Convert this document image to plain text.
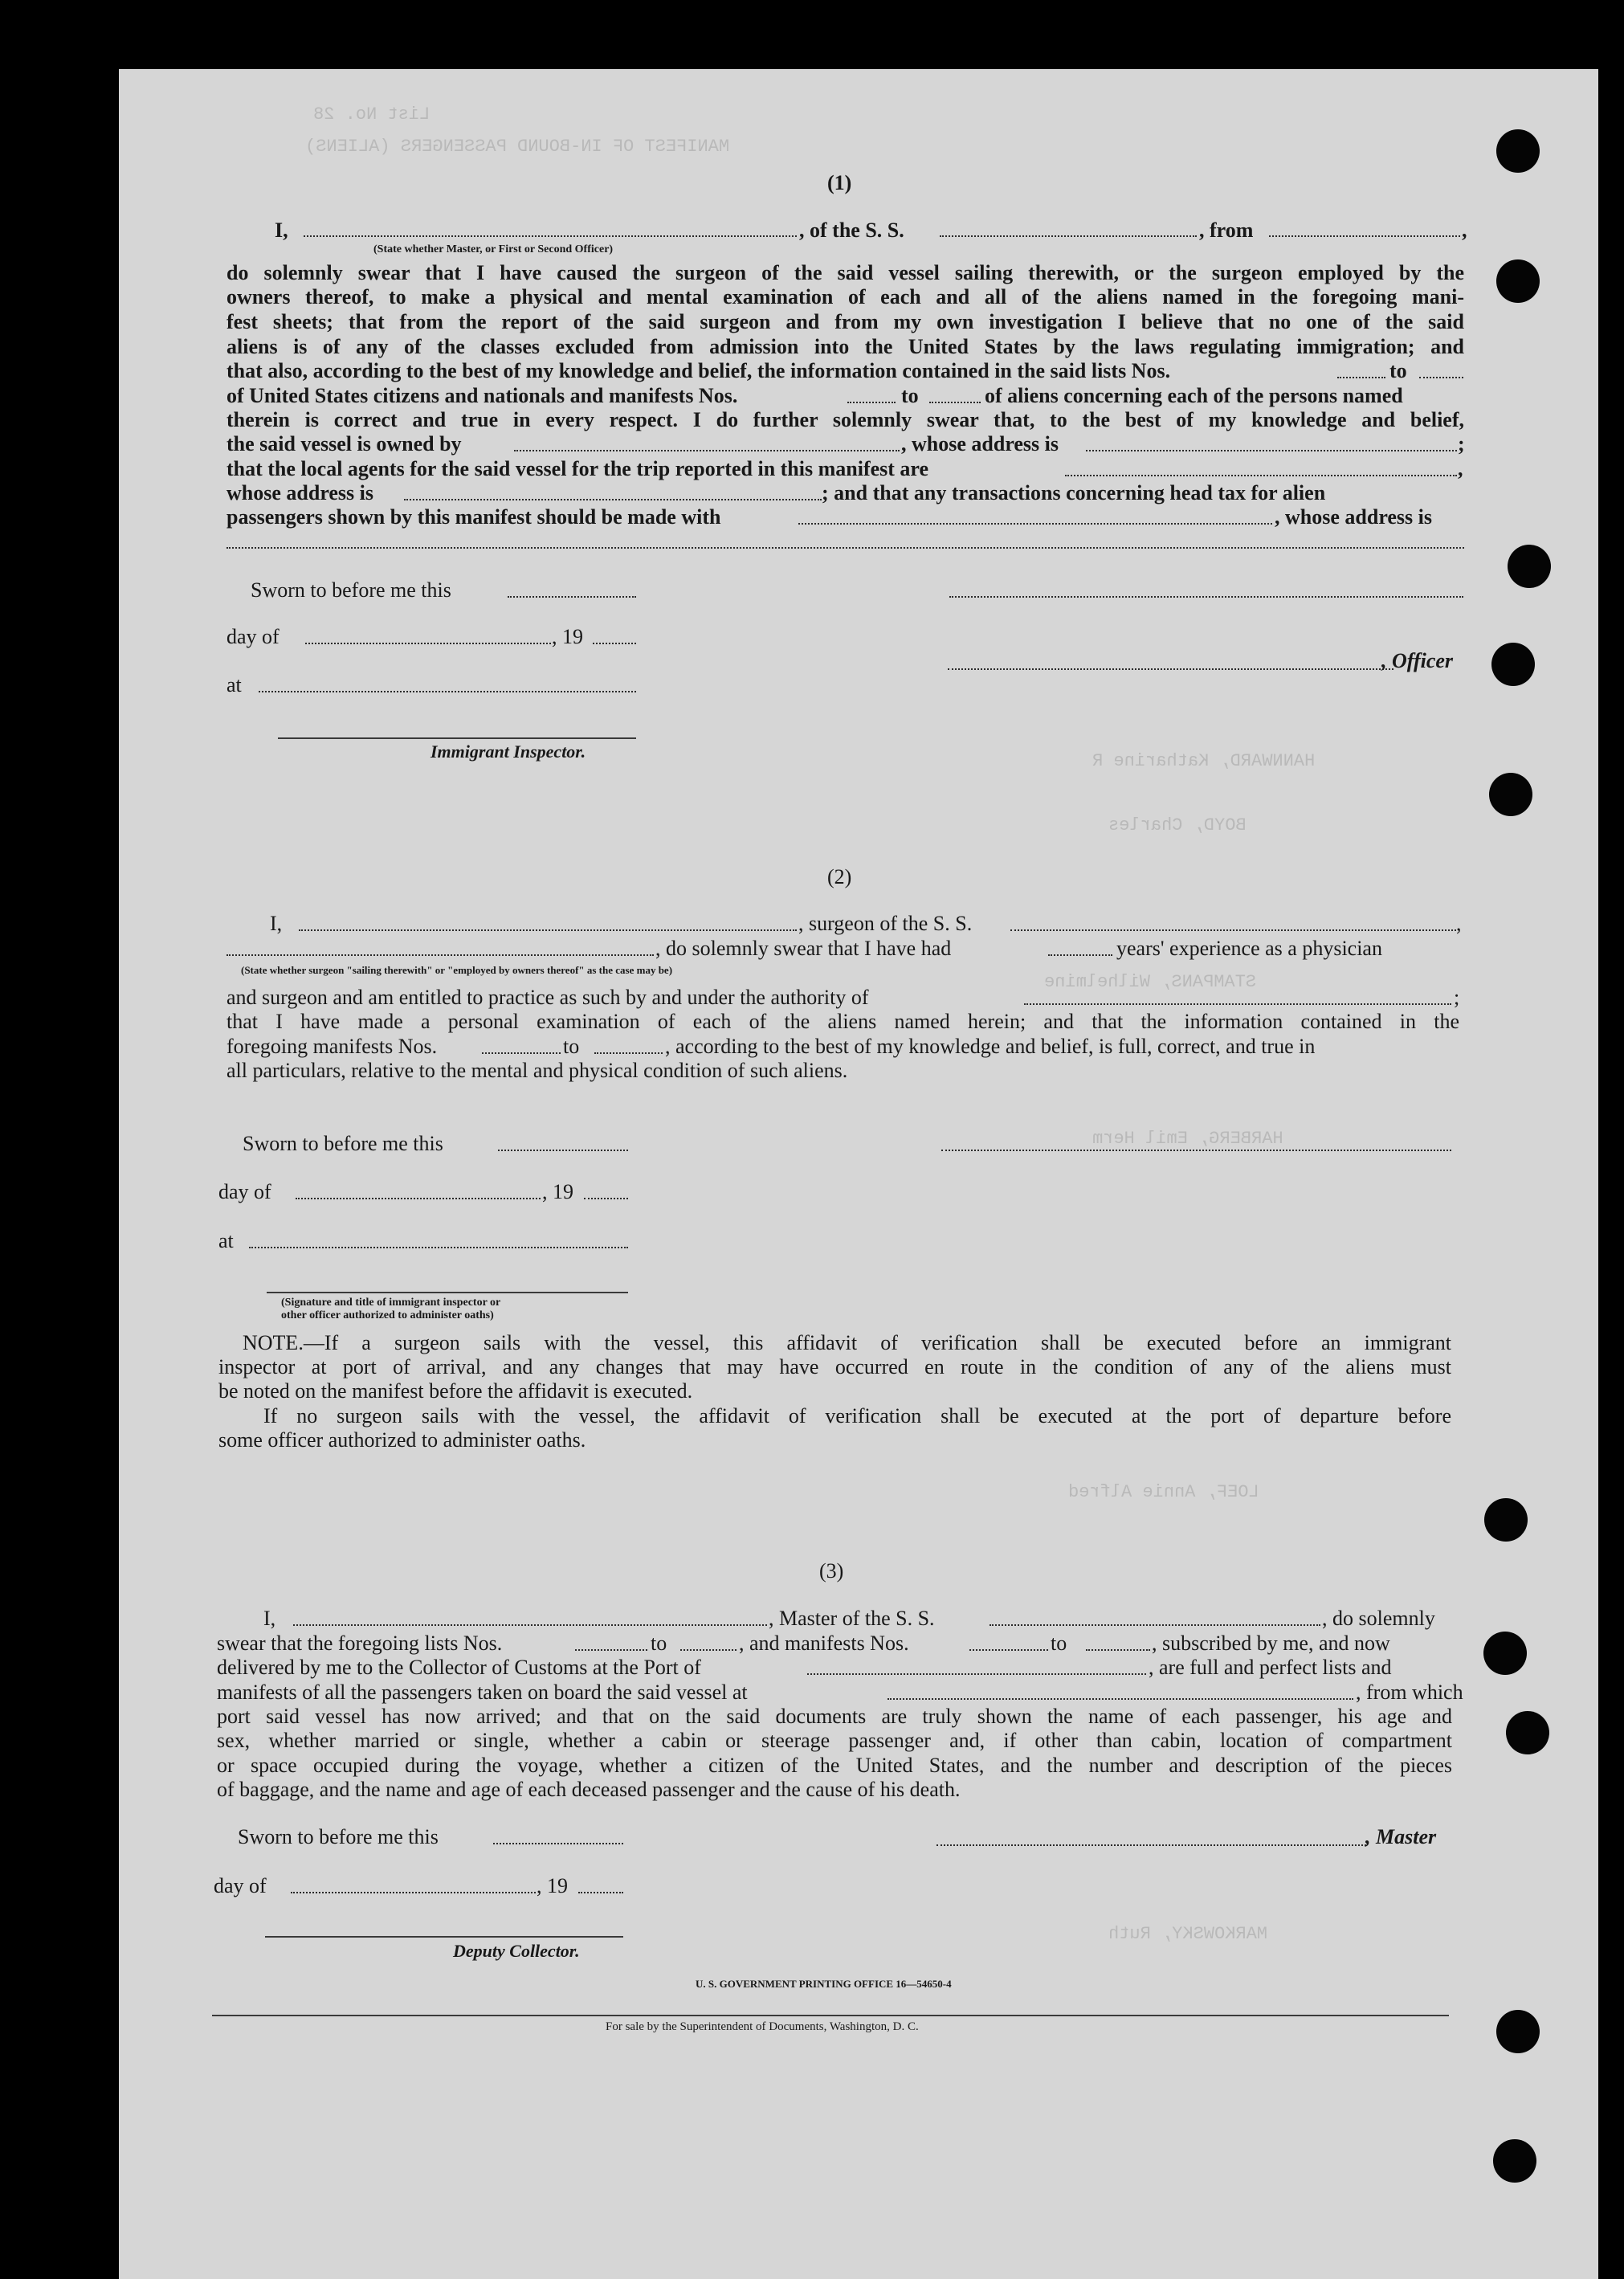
MANIFEST OF IN-BOUND PASSENGERS (ALIENS)
List No. 28
HANNWARD, Katharine R
BOYD, Charles
STAMPANS, Wilhelmine
HARBERG, Emil Herm
LOEF, Annie Alfred
MARKOWSKY, Ruth
(1)
I,
(State whether Master, or First or Second Officer)
, of the S. S.	, from	,
do solemnly swear that I have caused the surgeon of the said vessel sailing therewith, or the surgeon employed by the
owners thereof, to make a physical and mental examination of each and all of the aliens named in the foregoing mani-
fest sheets; that from the report of the said surgeon and from my own investigation I believe that no one of the said
aliens is of any of the classes excluded from admission into the United States by the laws regulating immigration; and
that also, according to the best of my knowledge and belief, the information contained in the said lists Nos.	to
of United States citizens and nationals and manifests Nos.	to	of aliens concerning each of the persons named
therein is correct and true in every respect. I do further solemnly swear that, to the best of my knowledge and belief,
the said vessel is owned by	, whose address is	;
that the local agents for the said vessel for the trip reported in this manifest are	,
whose address is	; and that any transactions concerning head tax for alien
passengers shown by this manifest should be made with	, whose address is
Sworn to before me this
day of	, 19
at
Immigrant Inspector.
, Officer
(2)
I,	, surgeon of the S. S.	,
, do solemnly swear that I have had	years' experience as a physician
(State whether surgeon "sailing therewith" or "employed by owners thereof" as the case may be)
and surgeon and am entitled to practice as such by and under the authority of	;
that I have made a personal examination of each of the aliens named herein; and that the information contained in the
foregoing manifests Nos.	to	, according to the best of my knowledge and belief, is full, correct, and true in
all particulars, relative to the mental and physical condition of such aliens.
Sworn to before me this
day of	, 19
at
(Signature and title of immigrant inspector or
other officer authorized to administer oaths)
NOTE.—If a surgeon sails with the vessel, this affidavit of verification shall be executed before an immigrant
inspector at port of arrival, and any changes that may have occurred en route in the condition of any of the aliens must
be noted on the manifest before the affidavit is executed.
If no surgeon sails with the vessel, the affidavit of verification shall be executed at the port of departure before
some officer authorized to administer oaths.
(3)
I,	, Master of the S. S.	, do solemnly
swear that the foregoing lists Nos.	to	, and manifests Nos.	to	, subscribed by me, and now
delivered by me to the Collector of Customs at the Port of	, are full and perfect lists and
manifests of all the passengers taken on board the said vessel at	, from which
port said vessel has now arrived; and that on the said documents are truly shown the name of each passenger, his age and
sex, whether married or single, whether a cabin or steerage passenger and, if other than cabin, location of compartment
or space occupied during the voyage, whether a citizen of the United States, and the number and description of the pieces
of baggage, and the name and age of each deceased passenger and the cause of his death.
Sworn to before me this
day of	, 19
Deputy Collector.
, Master
U. S. GOVERNMENT PRINTING OFFICE 16—54650-4
For sale by the Superintendent of Documents, Washington, D. C.
